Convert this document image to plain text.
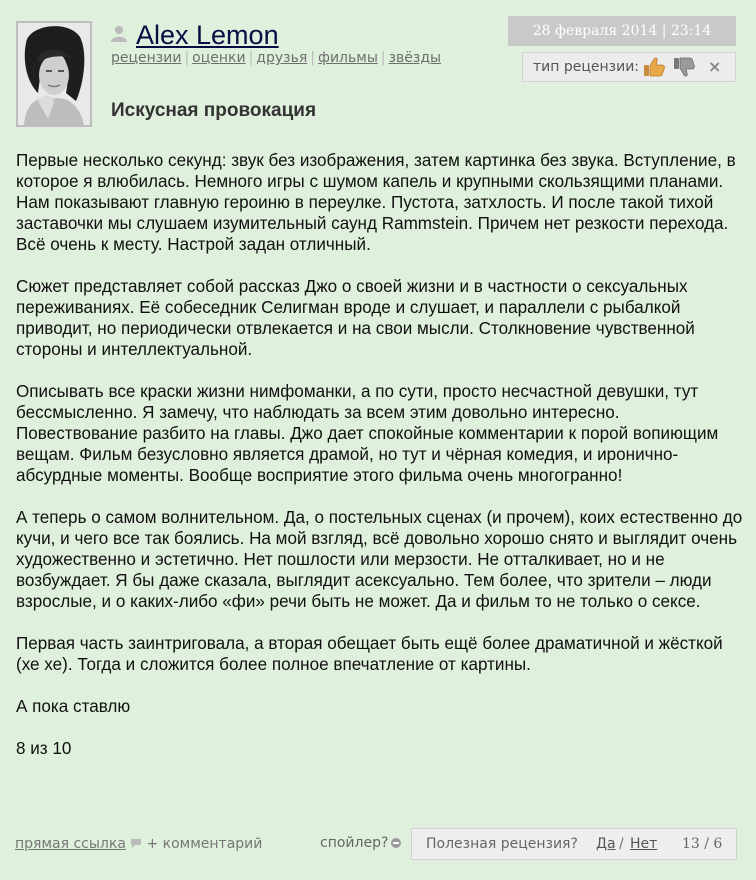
Alex Lemon
рецензии | оценки | друзья | фильмы | звёзды
28 февраля 2014 | 23:14
тип рецензии:	×
Искусная провокация

Первые несколько секунд: звук без изображения, затем картинка без звука. Вступление, в которое я влюбилась. Немного игры с шумом капель и крупными скользящими планами. Нам показывают главную героиню в переулке. Пустота, затхлость. И после такой тихой заставочки мы слушаем изумительный саунд Rammstein. Причем нет резкости перехода. Всё очень к месту. Настрой задан отличный.

Сюжет представляет собой рассказ Джо о своей жизни и в частности о сексуальных переживаниях. Её собеседник Селигман вроде и слушает, и параллели с рыбалкой приводит, но периодически отвлекается и на свои мысли. Столкновение чувственной стороны и интеллектуальной.

Описывать все краски жизни нимфоманки, а по сути, просто несчастной девушки, тут бессмысленно. Я замечу, что наблюдать за всем этим довольно интересно. Повествование разбито на главы. Джо дает спокойные комментарии к порой вопиющим вещам. Фильм безусловно является драмой, но тут и чёрная комедия, и иронично-абсурдные моменты. Вообще восприятие этого фильма очень многогранно!

А теперь о самом волнительном. Да, о постельных сценах (и прочем), коих естественно до кучи, и чего все так боялись. На мой взгляд, всё довольно хорошо снято и выглядит очень художественно и эстетично. Нет пошлости или мерзости. Не отталкивает, но и не возбуждает. Я бы даже сказала, выглядит асексуально. Тем более, что зрители – люди взрослые, и о каких-либо «фи» речи быть не может. Да и фильм то не только о сексе.

Первая часть заинтриговала, а вторая обещает быть ещё более драматичной и жёсткой (хе хе). Тогда и сложится более полное впечатление от картины.

А пока ставлю

8 из 10

прямая ссылка	+ комментарий	спойлер?	Полезная рецензия? Да / Нет 13 / 6
